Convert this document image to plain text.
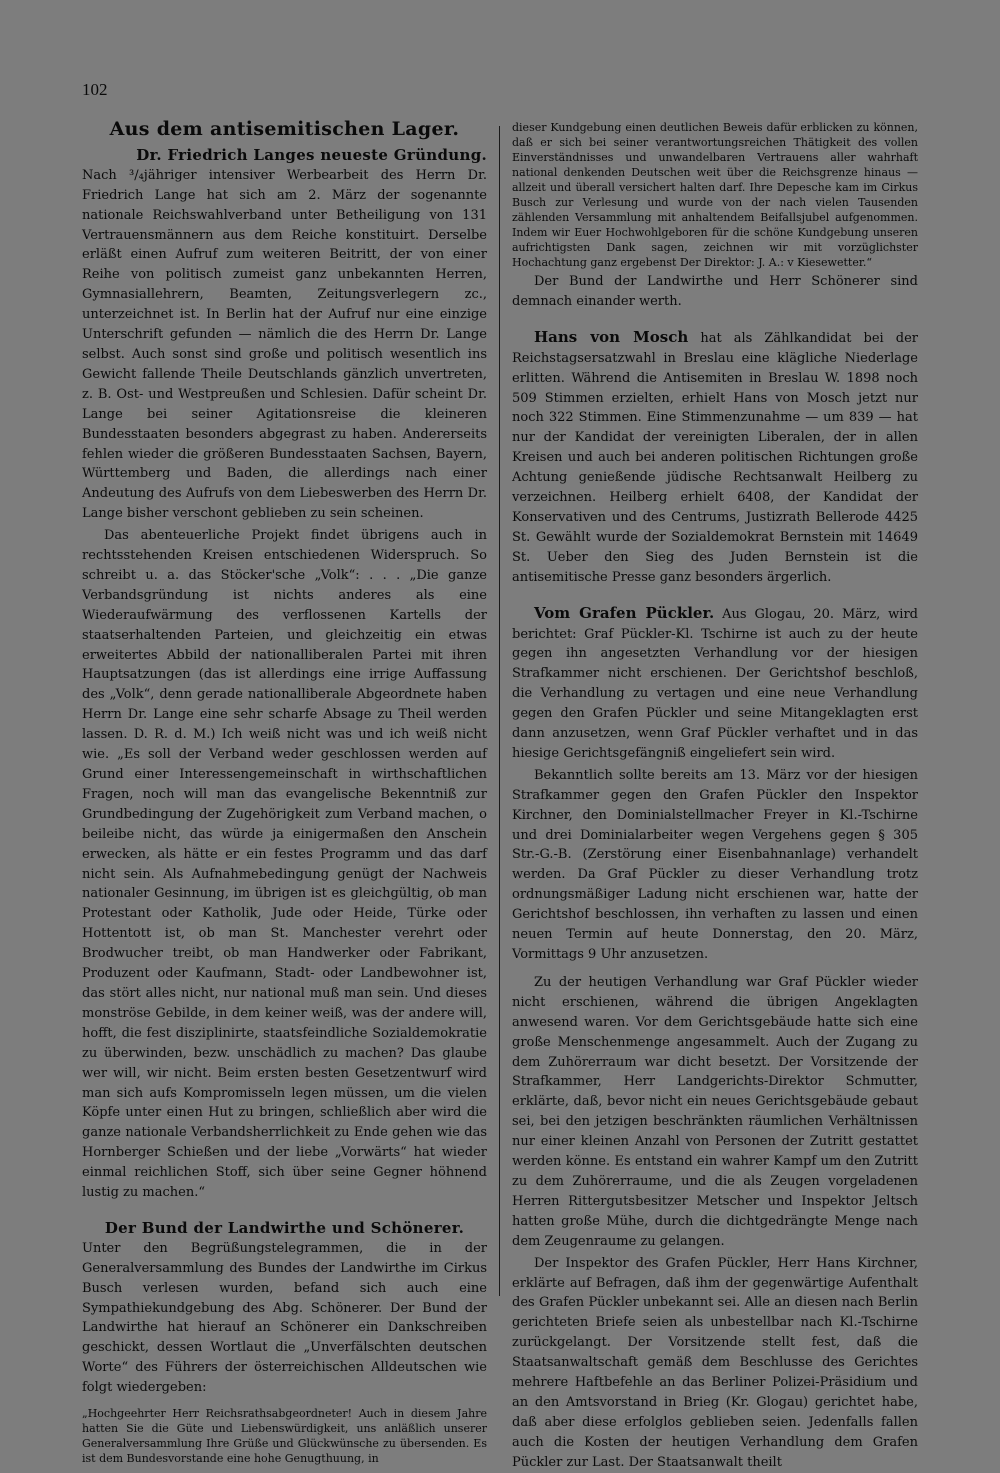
102
Aus dem antisemitischen Lager.
Dr. Friedrich Langes neueste Gründung.

Nach ³/₄jähriger intensiver Werbearbeit des Herrn Dr. Friedrich Lange hat sich am 2. März der sogenannte nationale Reichswahlverband unter Betheiligung von 131 Vertrauensmännern aus dem Reiche konstituirt. Derselbe erläßt einen Aufruf zum weiteren Beitritt, der von einer Reihe von politisch zumeist ganz unbekannten Herren, Gymnasiallehrern, Beamten, Zeitungsverlegern zc., unterzeichnet ist. In Berlin hat der Aufruf nur eine einzige Unterschrift gefunden — nämlich die des Herrn Dr. Lange selbst. Auch sonst sind große und politisch wesentlich ins Gewicht fallende Theile Deutschlands gänzlich unvertreten, z. B. Ost- und Westpreußen und Schlesien. Dafür scheint Dr. Lange bei seiner Agitationsreise die kleineren Bundesstaaten besonders abgegrast zu haben. Andererseits fehlen wieder die größeren Bundesstaaten Sachsen, Bayern, Württemberg und Baden, die allerdings nach einer Andeutung des Aufrufs von dem Liebeswerben des Herrn Dr. Lange bisher verschont geblieben zu sein scheinen.

Das abenteuerliche Projekt findet übrigens auch in rechtsstehenden Kreisen entschiedenen Widerspruch. So schreibt u. a. das Stöcker'sche „Volk“: . . . „Die ganze Verbandsgründung ist nichts anderes als eine Wiederaufwärmung des verflossenen Kartells der staatserhaltenden Parteien, und gleichzeitig ein etwas erweitertes Abbild der nationalliberalen Partei mit ihren Hauptsatzungen (das ist allerdings eine irrige Auffassung des „Volk“, denn gerade nationalliberale Abgeordnete haben Herrn Dr. Lange eine sehr scharfe Absage zu Theil werden lassen. D. R. d. M.) Ich weiß nicht was und ich weiß nicht wie. „Es soll der Verband weder geschlossen werden auf Grund einer Interessengemeinschaft in wirthschaftlichen Fragen, noch will man das evangelische Bekenntniß zur Grundbedingung der Zugehörigkeit zum Verband machen, o beileibe nicht, das würde ja einigermaßen den Anschein erwecken, als hätte er ein festes Programm und das darf nicht sein. Als Aufnahmebedingung genügt der Nachweis nationaler Gesinnung, im übrigen ist es gleichgültig, ob man Protestant oder Katholik, Jude oder Heide, Türke oder Hottentott ist, ob man St. Manchester verehrt oder Brodwucher treibt, ob man Handwerker oder Fabrikant, Produzent oder Kaufmann, Stadt- oder Landbewohner ist, das stört alles nicht, nur national muß man sein. Und dieses monströse Gebilde, in dem keiner weiß, was der andere will, hofft, die fest disziplinirte, staatsfeindliche Sozialdemokratie zu überwinden, bezw. unschädlich zu machen? Das glaube wer will, wir nicht. Beim ersten besten Gesetzentwurf wird man sich aufs Kompromisseln legen müssen, um die vielen Köpfe unter einen Hut zu bringen, schließlich aber wird die ganze nationale Verbandsherrlichkeit zu Ende gehen wie das Hornberger Schießen und der liebe „Vorwärts“ hat wieder einmal reichlichen Stoff, sich über seine Gegner höhnend lustig zu machen.“

Der Bund der Landwirthe und Schönerer.

Unter den Begrüßungstelegrammen, die in der Generalversammlung des Bundes der Landwirthe im Cirkus Busch verlesen wurden, befand sich auch eine Sympathiekundgebung des Abg. Schönerer. Der Bund der Landwirthe hat hierauf an Schönerer ein Dankschreiben geschickt, dessen Wortlaut die „Unverfälschten deutschen Worte“ des Führers der österreichischen Alldeutschen wie folgt wiedergeben:

„Hochgeehrter Herr Reichsrathsabgeordneter! Auch in diesem Jahre hatten Sie die Güte und Liebenswürdigkeit, uns anläßlich unserer Generalversammlung Ihre Grüße und Glückwünsche zu übersenden. Es ist dem Bundesvorstande eine hohe Genugthuung, in

dieser Kundgebung einen deutlichen Beweis dafür erblicken zu können, daß er sich bei seiner verantwortungsreichen Thätigkeit des vollen Einverständnisses und unwandelbaren Vertrauens aller wahrhaft national denkenden Deutschen weit über die Reichsgrenze hinaus — allzeit und überall versichert halten darf. Ihre Depesche kam im Cirkus Busch zur Verlesung und wurde von der nach vielen Tausenden zählenden Versammlung mit anhaltendem Beifallsjubel aufgenommen. Indem wir Euer Hochwohlgeboren für die schöne Kundgebung unseren aufrichtigsten Dank sagen, zeichnen wir mit vorzüglichster Hochachtung ganz ergebenst Der Direktor: J. A.: v Kiesewetter.“

Der Bund der Landwirthe und Herr Schönerer sind demnach einander werth.

Hans von Mosch hat als Zählkandidat bei der Reichstagsersatzwahl in Breslau eine klägliche Niederlage erlitten. Während die Antisemiten in Breslau W. 1898 noch 509 Stimmen erzielten, erhielt Hans von Mosch jetzt nur noch 322 Stimmen. Eine Stimmenzunahme — um 839 — hat nur der Kandidat der vereinigten Liberalen, der in allen Kreisen und auch bei anderen politischen Richtungen große Achtung genießende jüdische Rechtsanwalt Heilberg zu verzeichnen. Heilberg erhielt 6408, der Kandidat der Konservativen und des Centrums, Justizrath Bellerode 4425 St. Gewählt wurde der Sozialdemokrat Bernstein mit 14649 St. Ueber den Sieg des Juden Bernstein ist die antisemitische Presse ganz besonders ärgerlich.

Vom Grafen Pückler. Aus Glogau, 20. März, wird berichtet: Graf Pückler-Kl. Tschirne ist auch zu der heute gegen ihn angesetzten Verhandlung vor der hiesigen Strafkammer nicht erschienen. Der Gerichtshof beschloß, die Verhandlung zu vertagen und eine neue Verhandlung gegen den Grafen Pückler und seine Mitangeklagten erst dann anzusetzen, wenn Graf Pückler verhaftet und in das hiesige Gerichtsgefängniß eingeliefert sein wird.

Bekanntlich sollte bereits am 13. März vor der hiesigen Strafkammer gegen den Grafen Pückler den Inspektor Kirchner, den Dominialstellmacher Freyer in Kl.-Tschirne und drei Dominialarbeiter wegen Vergehens gegen § 305 Str.-G.-B. (Zerstörung einer Eisenbahnanlage) verhandelt werden. Da Graf Pückler zu dieser Verhandlung trotz ordnungsmäßiger Ladung nicht erschienen war, hatte der Gerichtshof beschlossen, ihn verhaften zu lassen und einen neuen Termin auf heute Donnerstag, den 20. März, Vormittags 9 Uhr anzusetzen.

Zu der heutigen Verhandlung war Graf Pückler wieder nicht erschienen, während die übrigen Angeklagten anwesend waren. Vor dem Gerichtsgebäude hatte sich eine große Menschenmenge angesammelt. Auch der Zugang zu dem Zuhörerraum war dicht besetzt. Der Vorsitzende der Strafkammer, Herr Landgerichts-Direktor Schmutter, erklärte, daß, bevor nicht ein neues Gerichtsgebäude gebaut sei, bei den jetzigen beschränkten räumlichen Verhältnissen nur einer kleinen Anzahl von Personen der Zutritt gestattet werden könne. Es entstand ein wahrer Kampf um den Zutritt zu dem Zuhörerraume, und die als Zeugen vorgeladenen Herren Rittergutsbesitzer Metscher und Inspektor Jeltsch hatten große Mühe, durch die dichtgedrängte Menge nach dem Zeugenraume zu gelangen.

Der Inspektor des Grafen Pückler, Herr Hans Kirchner, erklärte auf Befragen, daß ihm der gegenwärtige Aufenthalt des Grafen Pückler unbekannt sei. Alle an diesen nach Berlin gerichteten Briefe seien als unbestellbar nach Kl.-Tschirne zurückgelangt. Der Vorsitzende stellt fest, daß die Staatsanwaltschaft gemäß dem Beschlusse des Gerichtes mehrere Haftbefehle an das Berliner Polizei-Präsidium und an den Amtsvorstand in Brieg (Kr. Glogau) gerichtet habe, daß aber diese erfolglos geblieben seien. Jedenfalls fallen auch die Kosten der heutigen Verhandlung dem Grafen Pückler zur Last. Der Staatsanwalt theilt
